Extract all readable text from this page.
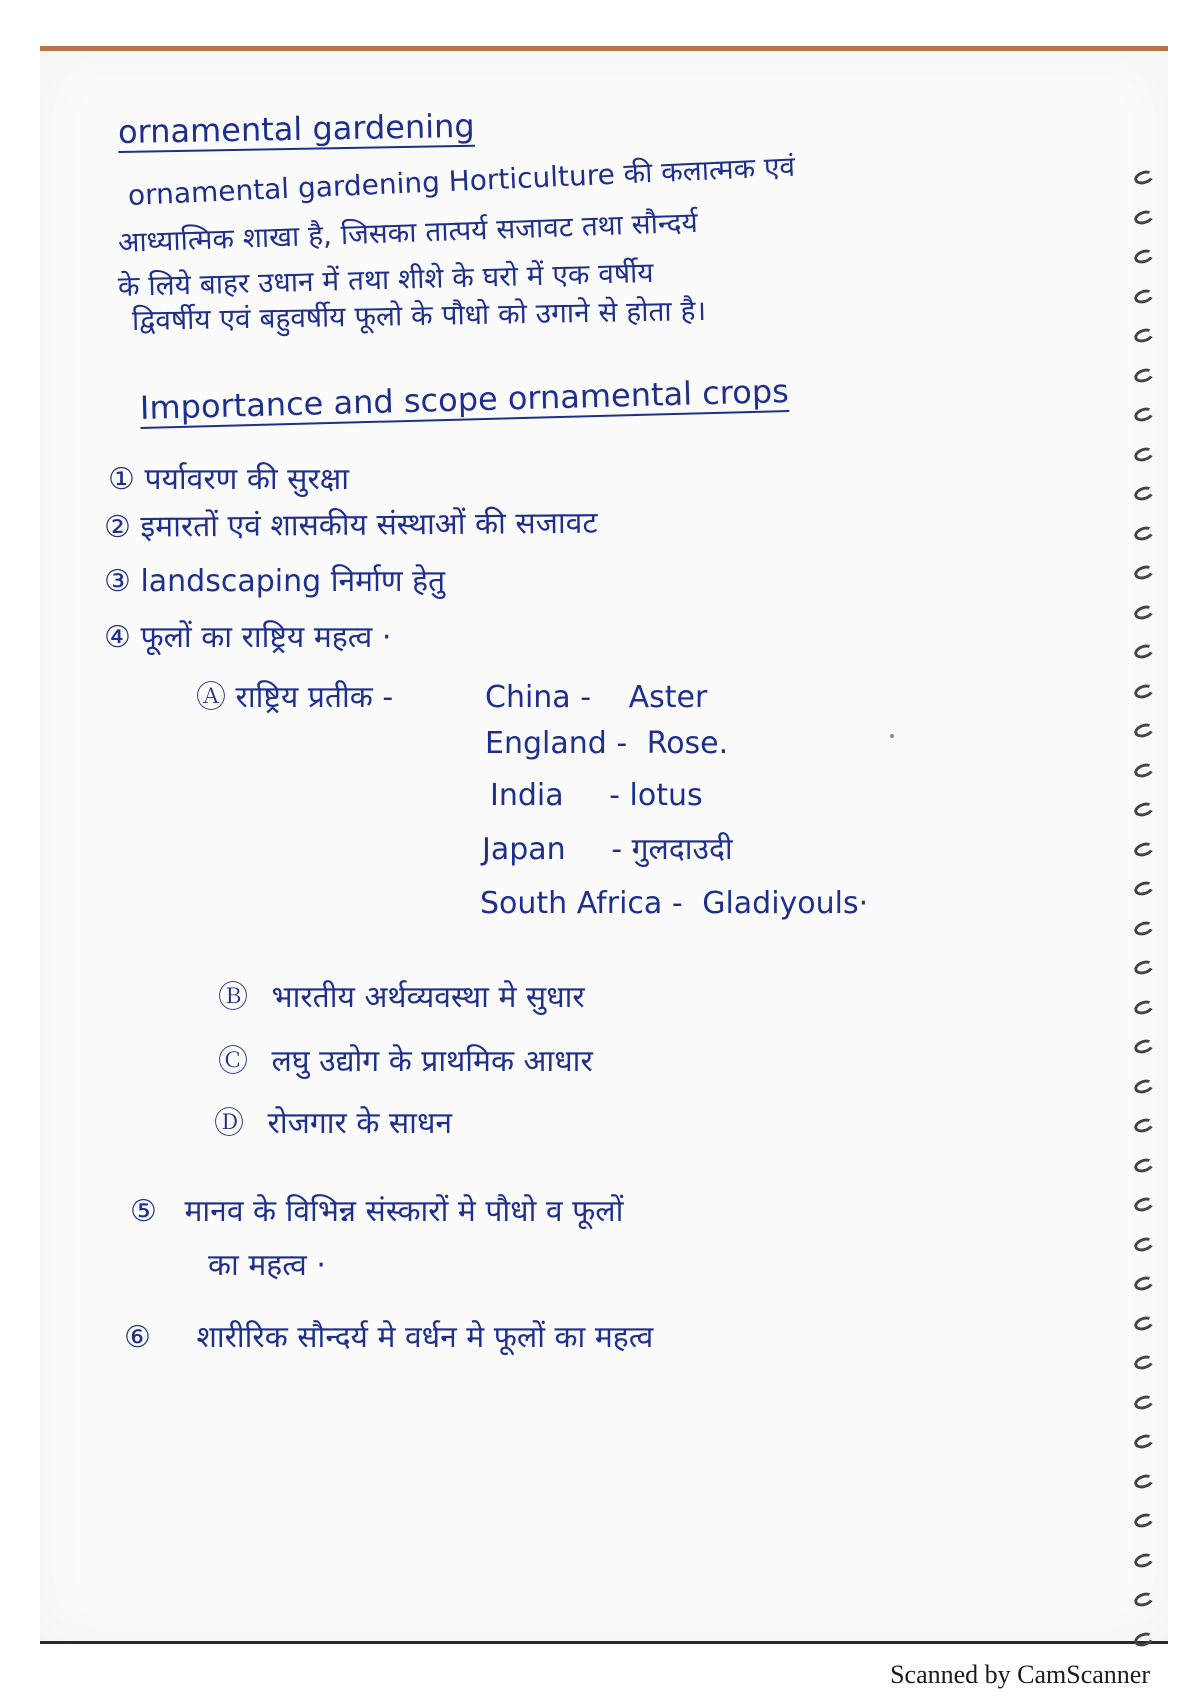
ornamental gardening

ornamental gardening Horticulture की कलात्मक एवं

आध्यात्मिक शाखा है, जिसका तात्पर्य सजावट तथा सौन्दर्य

के लिये बाहर उधान में तथा शीशे के घरो में एक वर्षीय

द्विवर्षीय एवं बहुवर्षीय फूलो के पौधो को उगाने से होता है।

Importance and scope ornamental crops

① पर्यावरण की सुरक्षा

② इमारतों एवं शासकीय संस्थाओं की सजावट

③ landscaping निर्माण हेतु

④ फूलों का राष्ट्रिय महत्व ·

Ⓐ राष्ट्रिय प्रतीक -	China - Aster

England - Rose.

India - lotus

Japan - गुलदाउदी

South Africa - Gladiyouls·

Ⓑ भारतीय अर्थव्यवस्था मे सुधार

Ⓒ लघु उद्योग के प्राथमिक आधार

Ⓓ रोजगार के साधन

⑤ मानव के विभिन्न संस्कारों मे पौधो व फूलों

का महत्व ·

⑥ शारीरिक सौन्दर्य मे वर्धन मे फूलों का महत्व

Scanned by CamScanner
